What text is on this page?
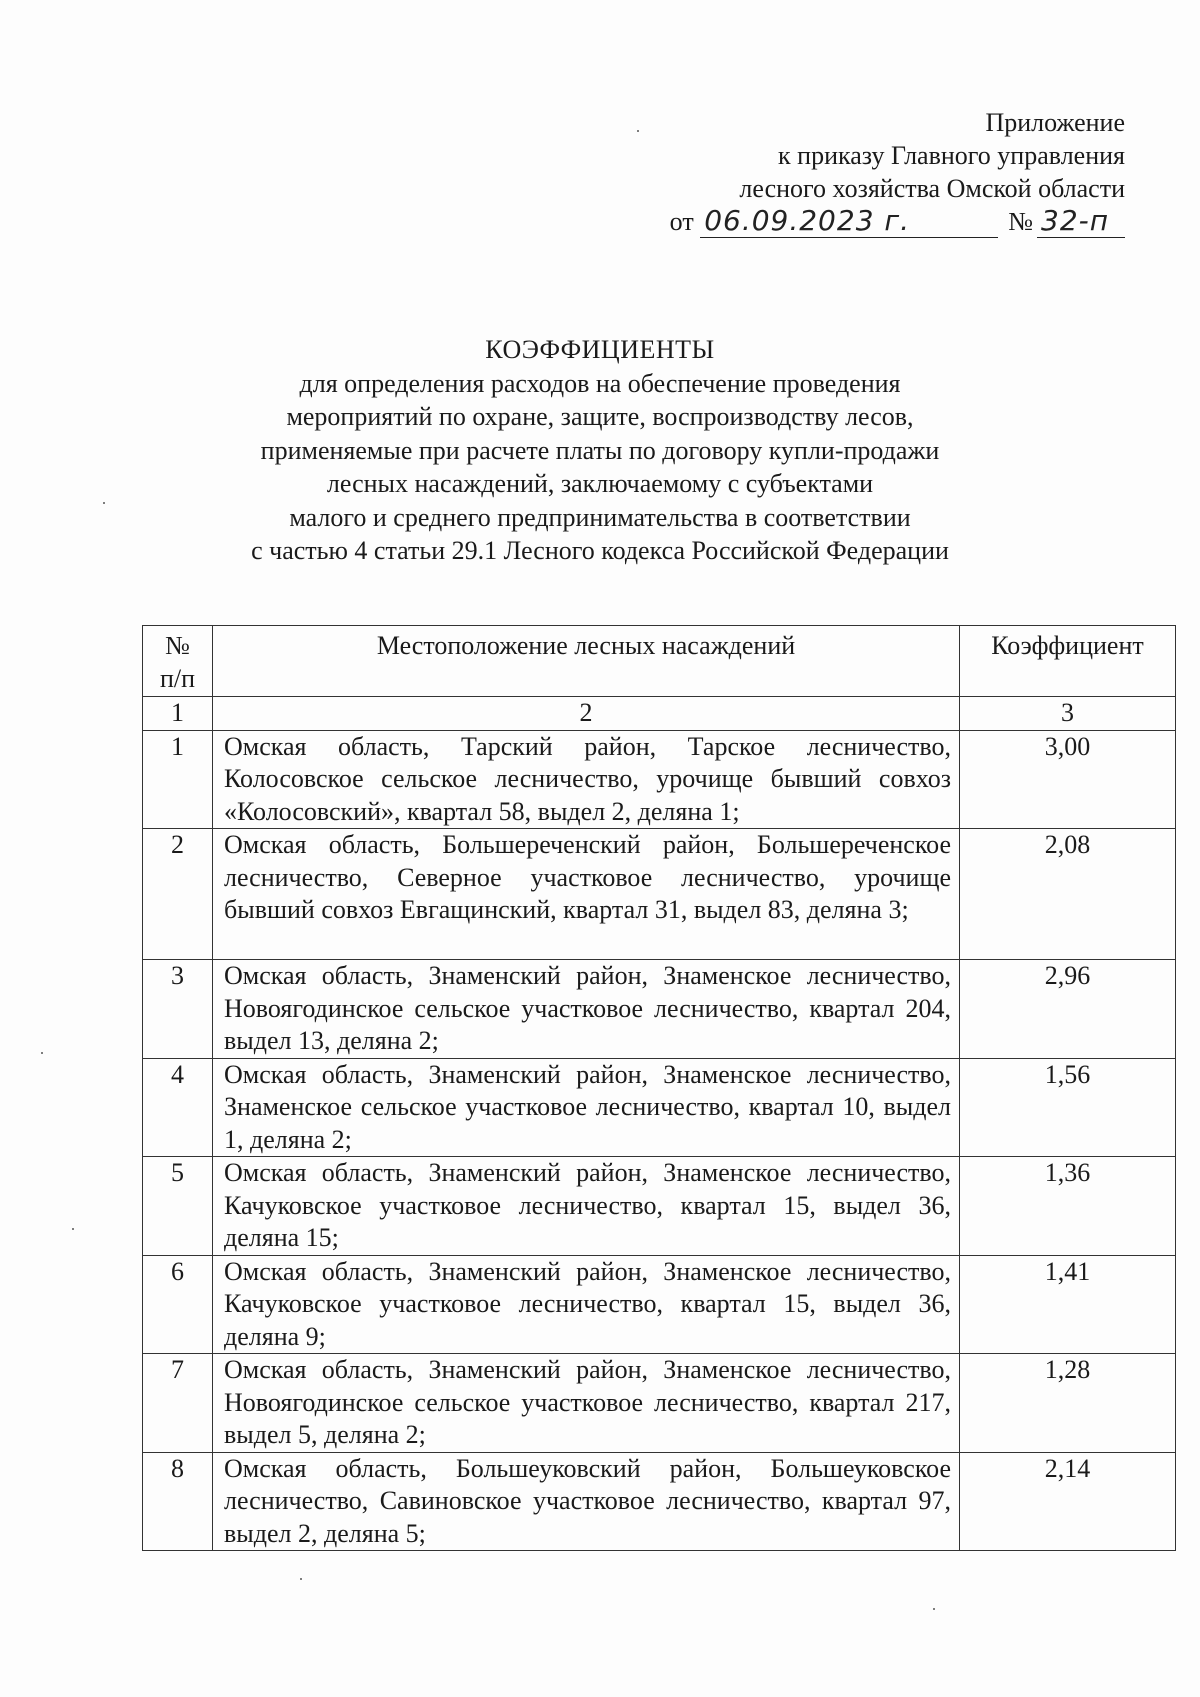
Приложение
к приказу Главного управления
лесного хозяйства Омской области
от 06.09.2023 г.	№ 32-п
КОЭФФИЦИЕНТЫ
для определения расходов на обеспечение проведения
мероприятий по охране, защите, воспроизводству лесов,
применяемые при расчете платы по договору купли-продажи
лесных насаждений, заключаемому с субъектами
малого и среднего предпринимательства в соответствии
с частью 4 статьи 29.1 Лесного кодекса Российской Федерации
№
п/п	Местоположение лесных насаждений	Коэффициент
1	2	3
1	Омская область, Тарский район, Тарское лесничество, Колосовское сельское лесничество, урочище бывший совхоз «Колосовский», квартал 58, выдел 2, деляна 1;	3,00
2	Омская область, Большереченский район, Большереченское лесничество, Северное участковое лесничество, урочище бывший совхоз Евгащинский, квартал 31, выдел 83, деляна 3;	2,08
3	Омская область, Знаменский район, Знаменское лесничество, Новоягодинское сельское участковое лесничество, квартал 204, выдел 13, деляна 2;	2,96
4	Омская область, Знаменский район, Знаменское лесничество, Знаменское сельское участковое лесничество, квартал 10, выдел 1, деляна 2;	1,56
5	Омская область, Знаменский район, Знаменское лесничество, Качуковское участковое лесничество, квартал 15, выдел 36, деляна 15;	1,36
6	Омская область, Знаменский район, Знаменское лесничество, Качуковское участковое лесничество, квартал 15, выдел 36, деляна 9;	1,41
7	Омская область, Знаменский район, Знаменское лесничество, Новоягодинское сельское участковое лесничество, квартал 217, выдел 5, деляна 2;	1,28
8	Омская область, Большеуковский район, Большеуковское лесничество, Савиновское участковое лесничество, квартал 97, выдел 2, деляна 5;	2,14
